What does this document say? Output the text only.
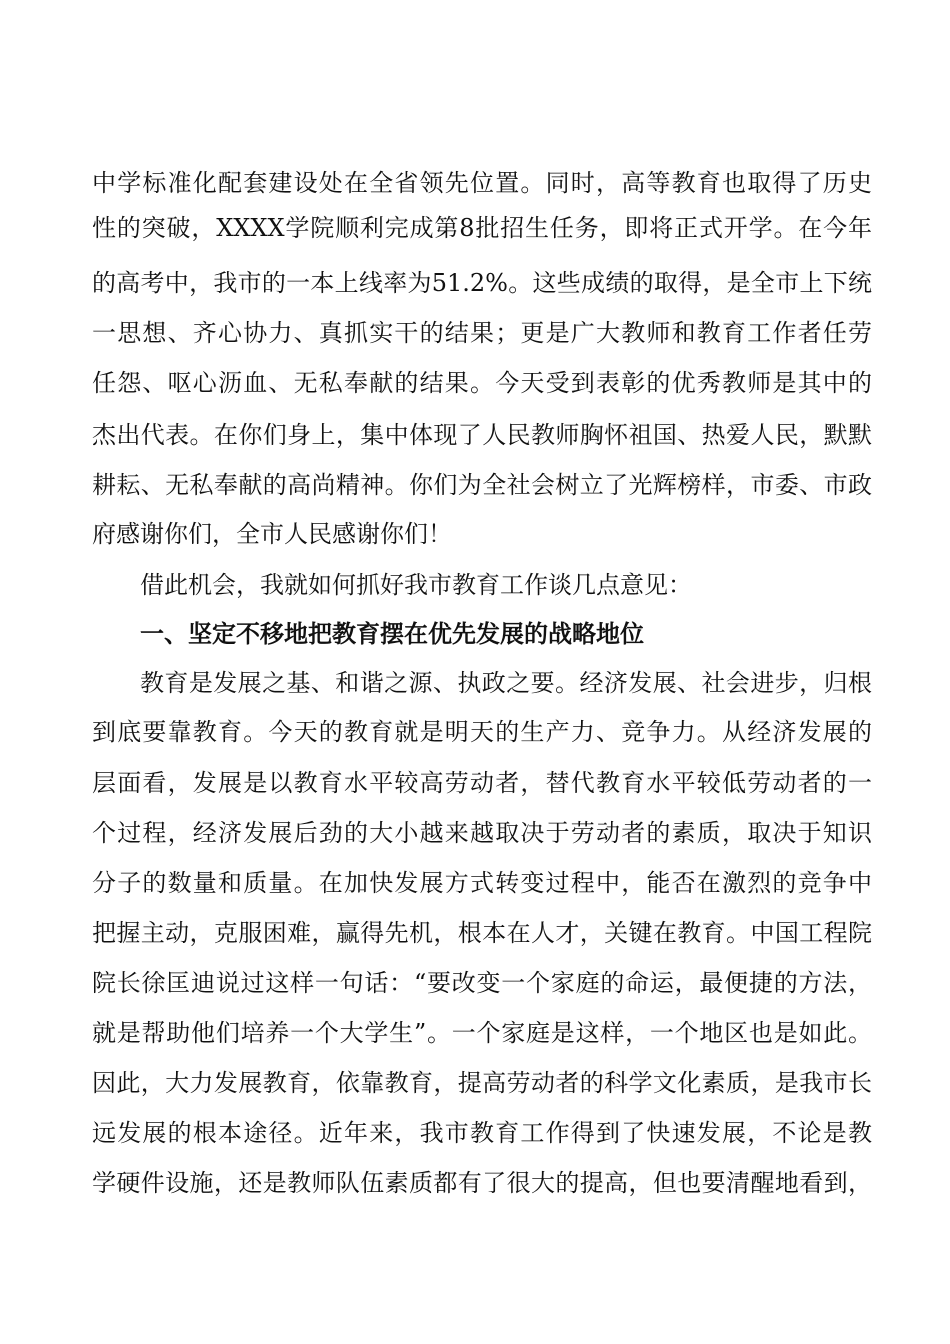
中学标准化配套建设处在全省领先位置。同时，高等教育也取得了历史
性的突破，XXXX学院顺利完成第8批招生任务，即将正式开学。在今年
的高考中，我市的一本上线率为51.2%。这些成绩的取得，是全市上下统
一思想、齐心协力、真抓实干的结果；更是广大教师和教育工作者任劳
任怨、呕心沥血、无私奉献的结果。今天受到表彰的优秀教师是其中的
杰出代表。在你们身上，集中体现了人民教师胸怀祖国、热爱人民，默默
耕耘、无私奉献的高尚精神。你们为全社会树立了光辉榜样，市委、市政
府感谢你们，全市人民感谢你们！
借此机会，我就如何抓好我市教育工作谈几点意见：
一、坚定不移地把教育摆在优先发展的战略地位
教育是发展之基、和谐之源、执政之要。经济发展、社会进步，归根
到底要靠教育。今天的教育就是明天的生产力、竞争力。从经济发展的
层面看，发展是以教育水平较高劳动者，替代教育水平较低劳动者的一
个过程，经济发展后劲的大小越来越取决于劳动者的素质，取决于知识
分子的数量和质量。在加快发展方式转变过程中，能否在激烈的竞争中
把握主动，克服困难，赢得先机，根本在人才，关键在教育。中国工程院
院长徐匡迪说过这样一句话：“要改变一个家庭的命运，最便捷的方法，
就是帮助他们培养一个大学生”。一个家庭是这样，一个地区也是如此。
因此，大力发展教育，依靠教育，提高劳动者的科学文化素质，是我市长
远发展的根本途径。近年来，我市教育工作得到了快速发展，不论是教
学硬件设施，还是教师队伍素质都有了很大的提高，但也要清醒地看到，
